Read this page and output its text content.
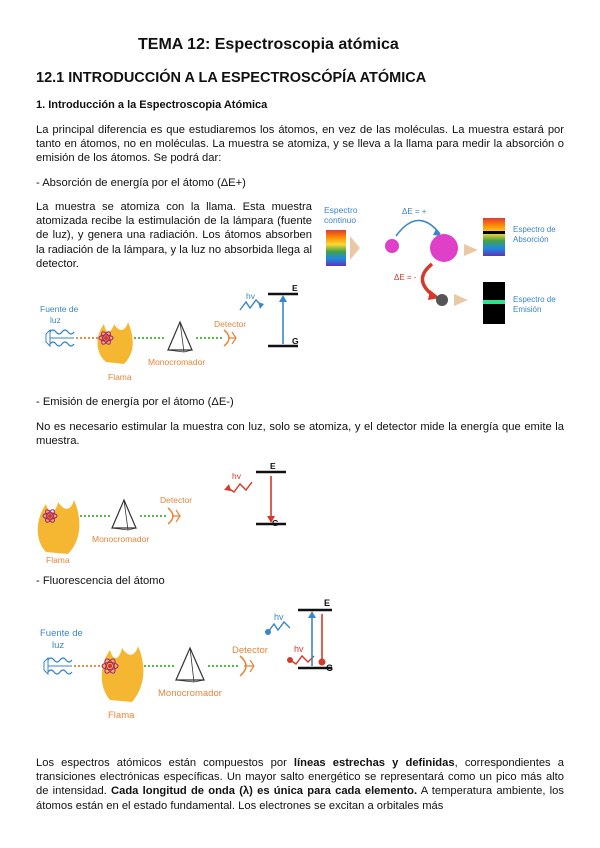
TEMA 12: Espectroscopia atómica
12.1 INTRODUCCIÓN A LA ESPECTROSCÓPÍA ATÓMICA
1. Introducción a la Espectroscopia Atómica
La principal diferencia es que estudiaremos los átomos, en vez de las moléculas. La muestra estará por tanto en átomos, no en moléculas. La muestra se atomiza, y se lleva a la llama para medir la absorción o emisión de los átomos. Se podrá dar:
- Absorción de energía por el átomo (ΔE+)
La muestra se atomiza con la llama. Esta muestra atomizada recibe la estimulación de la lámpara (fuente de luz), y genera una radiación. Los átomos absorben la radiación de la lámpara, y la luz no absorbida llega al detector.
Espectro
continuo
ΔE = +
Espectro de
Absorción
ΔE = -
Espectro de
Emisión
Fuente de
luz
Flama
Monocromador
Detector
hv
E
G
- Emisión de energía por el átomo (ΔE-)
No es necesario estimular la muestra con luz, solo se atomiza, y el detector mide la energía que emite la muestra.
Flama
Monocromador
Detector
hv
E
G
- Fluorescencia del átomo
Fuente de
luz
Flama
Monocromador
Detector
hv
hv
E
G
Los espectros atómicos están compuestos por líneas estrechas y definidas, correspondientes a transiciones electrónicas específicas. Un mayor salto energético se representará como un pico más alto de intensidad. Cada longitud de onda (λ) es única para cada elemento. A temperatura ambiente, los átomos están en el estado fundamental. Los electrones se excitan a orbitales más
